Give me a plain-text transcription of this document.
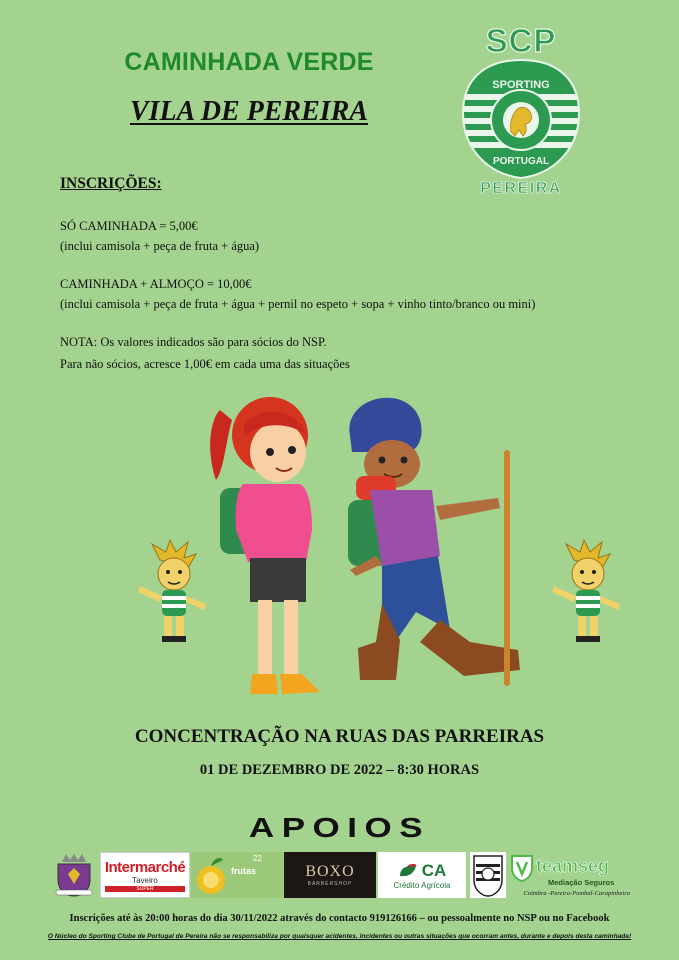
CAMINHADA VERDE
VILA DE PEREIRA
SCP
SPORTING
PORTUGAL
PEREIRA
INSCRIÇÕES:
SÓ CAMINHADA = 5,00€
(inclui camisola + peça de fruta + água)
CAMINHADA + ALMOÇO = 10,00€
(inclui camisola + peça de fruta + água + pernil no espeto + sopa + vinho tinto/branco ou mini)
NOTA: Os valores indicados são para sócios do NSP.
Para não sócios, acresce 1,00€ em cada uma das situações
CONCENTRAÇÃO NA RUAS DAS PARREIRAS
01 DE DEZEMBRO DE 2022 – 8:30 HORAS
APOIOS
Intermarché
Taveiro
SUPER
22
frutas	BOXO
BARBERSHOP
CA
Crédito Agrícola
teamseg
Mediação Seguros
Coimbra -Pereira-Pombal-Carapinheira
Inscrições até às 20:00 horas do dia 30/11/2022 através do contacto 919126166 – ou pessoalmente no NSP ou no Facebook
O Núcleo do Sporting Clube de Portugal de Pereira não se responsabiliza por quaisquer acidentes, incidentes ou outras situações que ocorram antes, durante e depois desta caminhada!
